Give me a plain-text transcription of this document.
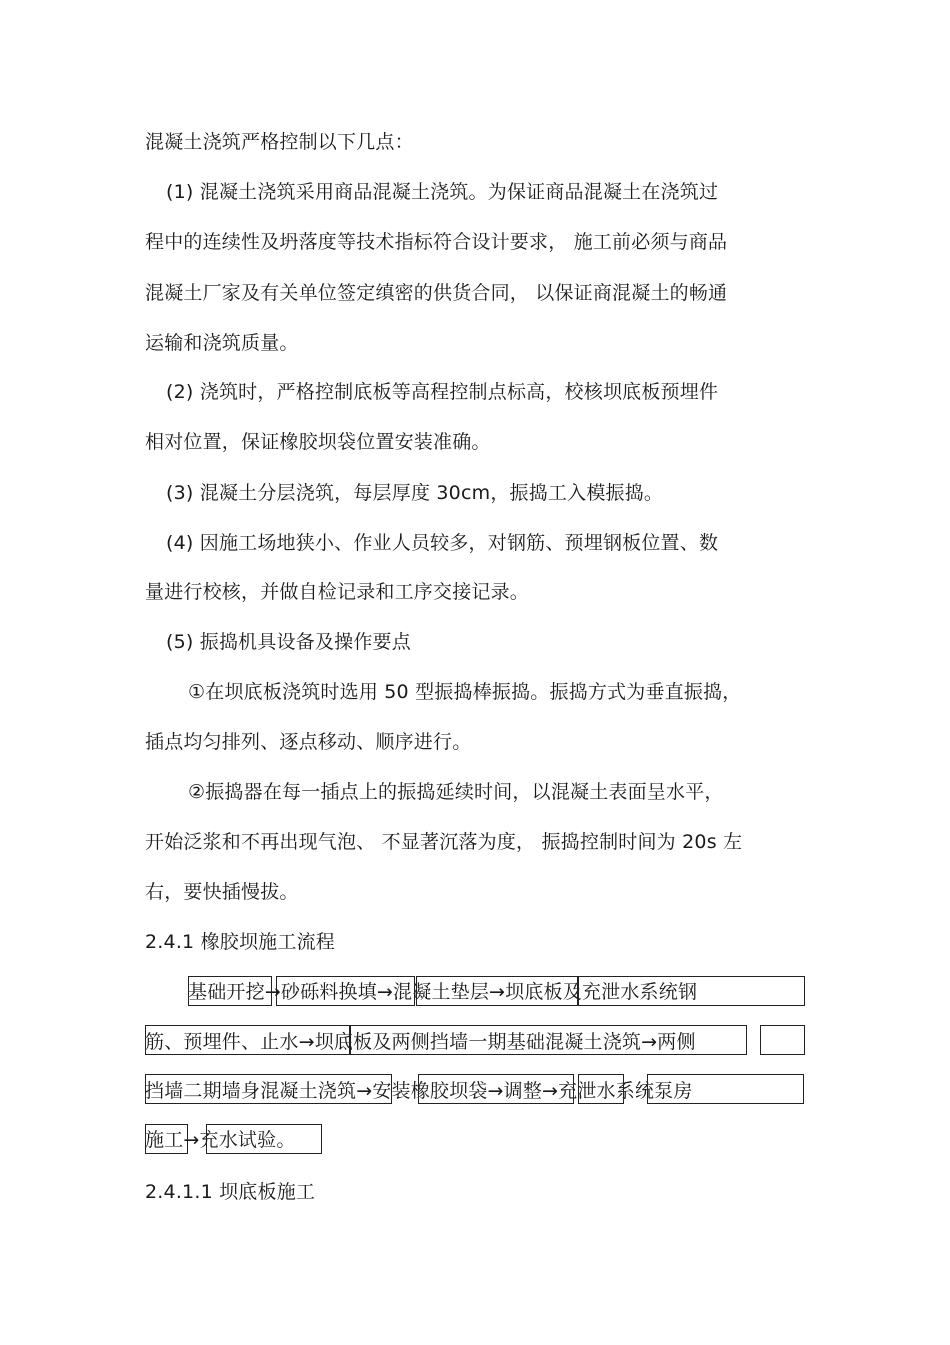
混凝土浇筑严格控制以下几点：
(1) 混凝土浇筑采用商品混凝土浇筑。为保证商品混凝土在浇筑过
程中的连续性及坍落度等技术指标符合设计要求， 施工前必须与商品
混凝土厂家及有关单位签定缜密的供货合同， 以保证商混凝土的畅通
运输和浇筑质量。
(2) 浇筑时，严格控制底板等高程控制点标高，校核坝底板预埋件
相对位置，保证橡胶坝袋位置安装准确。
(3) 混凝土分层浇筑，每层厚度 30cm，振捣工入模振捣。
(4) 因施工场地狭小、作业人员较多，对钢筋、预埋钢板位置、数
量进行校核，并做自检记录和工序交接记录。
(5) 振捣机具设备及操作要点
①在坝底板浇筑时选用 50 型振捣棒振捣。振捣方式为垂直振捣，
插点均匀排列、逐点移动、顺序进行。
②振捣器在每一插点上的振捣延续时间，以混凝土表面呈水平，
开始泛浆和不再出现气泡、 不显著沉落为度， 振捣控制时间为 20s 左
右，要快插慢拔。
2.4.1 橡胶坝施工流程
基础开挖→砂砾料换填→混凝土垫层→坝底板及充泄水系统钢
筋、预埋件、止水→坝底板及两侧挡墙一期基础混凝土浇筑→两侧
挡墙二期墙身混凝土浇筑→安装橡胶坝袋→调整→充泄水系统泵房
施工→充水试验。
2.4.1.1 坝底板施工
